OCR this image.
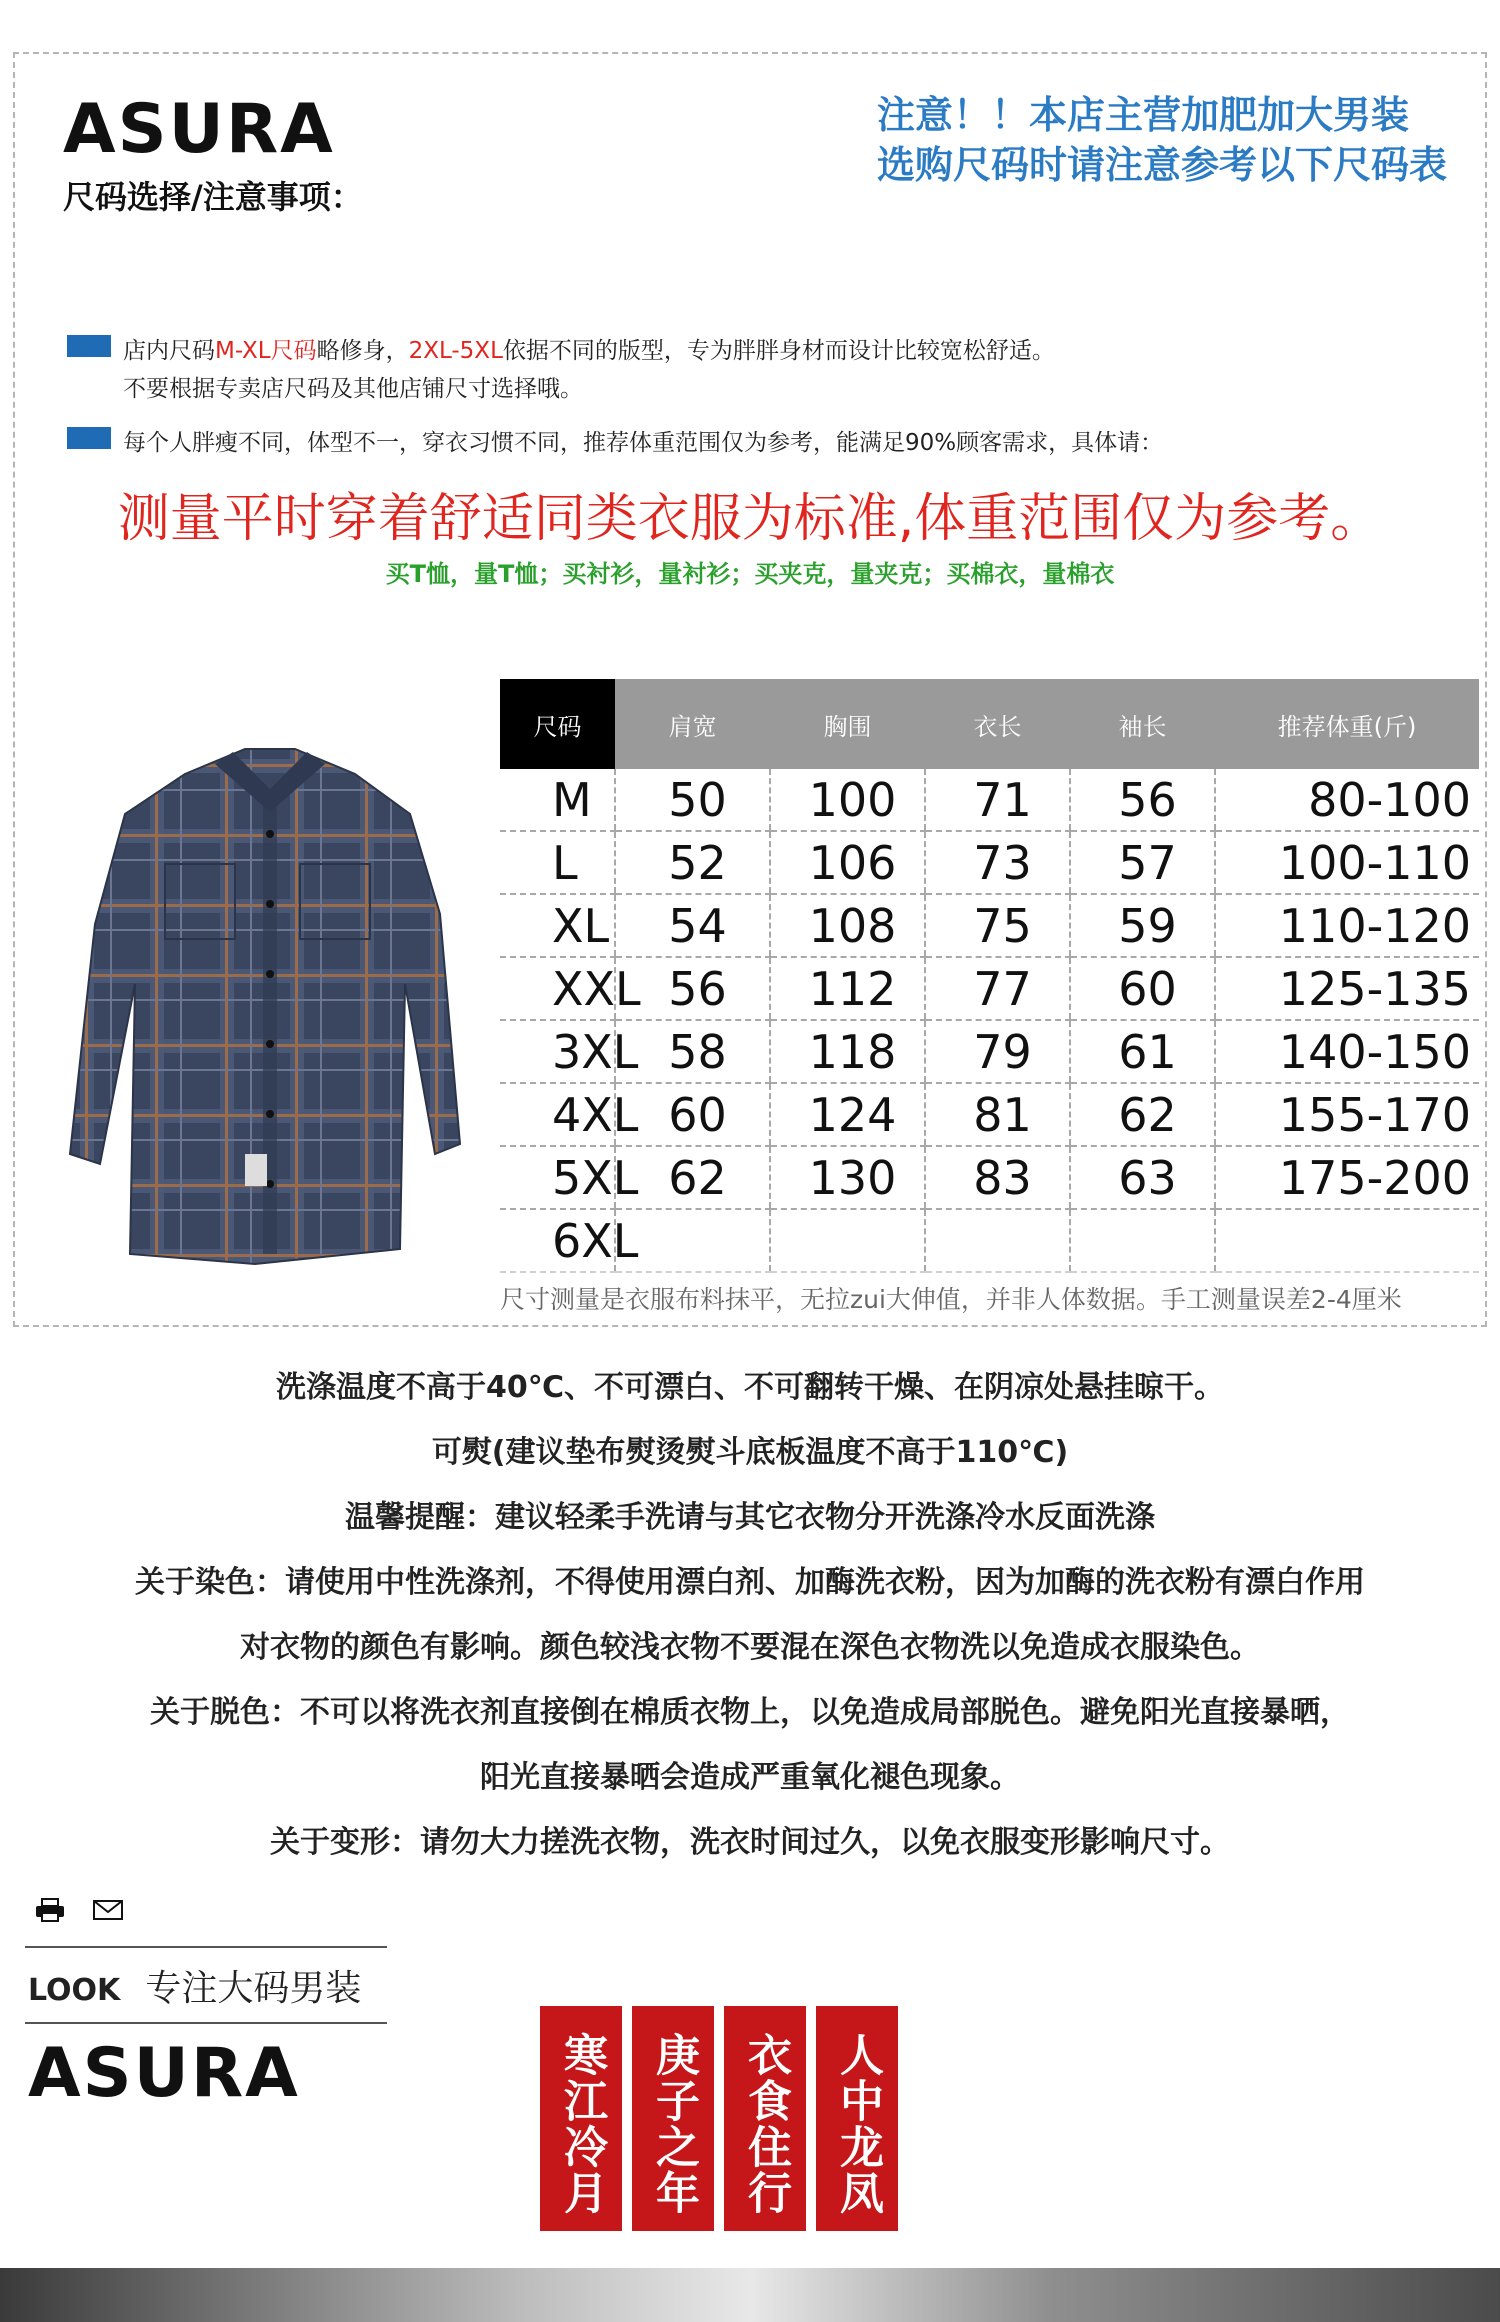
ASURA
尺码选择/注意事项：
注意！！本店主营加肥加大男装
选购尺码时请注意参考以下尺码表
店内尺码M-XL尺码略修身，2XL-5XL依据不同的版型，专为胖胖身材而设计比较宽松舒适。
不要根据专卖店尺码及其他店铺尺寸选择哦。
每个人胖瘦不同，体型不一，穿衣习惯不同，推荐体重范围仅为参考，能满足90%顾客需求，具体请：
测量平时穿着舒适同类衣服为标准,体重范围仅为参考。
买T恤，量T恤；买衬衫，量衬衫；买夹克，量夹克；买棉衣，量棉衣
尺码	肩宽	胸围	衣长	袖长	推荐体重(斤)
M	50	100	71	56	80-100
L	52	106	73	57	100-110
XL	54	108	75	59	110-120
XXL	56	112	77	60	125-135
3XL	58	118	79	61	140-150
4XL	60	124	81	62	155-170
5XL	62	130	83	63	175-200
6XL					
尺寸测量是衣服布料抹平，无拉zui大伸值，并非人体数据。手工测量误差2-4厘米
洗涤温度不高于40℃、不可漂白、不可翻转干燥、在阴凉处悬挂晾干。
可熨(建议垫布熨烫熨斗底板温度不高于110℃)
温馨提醒：建议轻柔手洗请与其它衣物分开洗涤冷水反面洗涤
关于染色：请使用中性洗涤剂，不得使用漂白剂、加酶洗衣粉，因为加酶的洗衣粉有漂白作用
对衣物的颜色有影响。颜色较浅衣物不要混在深色衣物洗以免造成衣服染色。
关于脱色：不可以将洗衣剂直接倒在棉质衣物上，以免造成局部脱色。避免阳光直接暴晒，
阳光直接暴晒会造成严重氧化褪色现象。
关于变形：请勿大力搓洗衣物，洗衣时间过久，以免衣服变形影响尺寸。
LOOK 专注大码男装
ASURA	寒江冷月 庚子之年 衣食住行 人中龙凤
